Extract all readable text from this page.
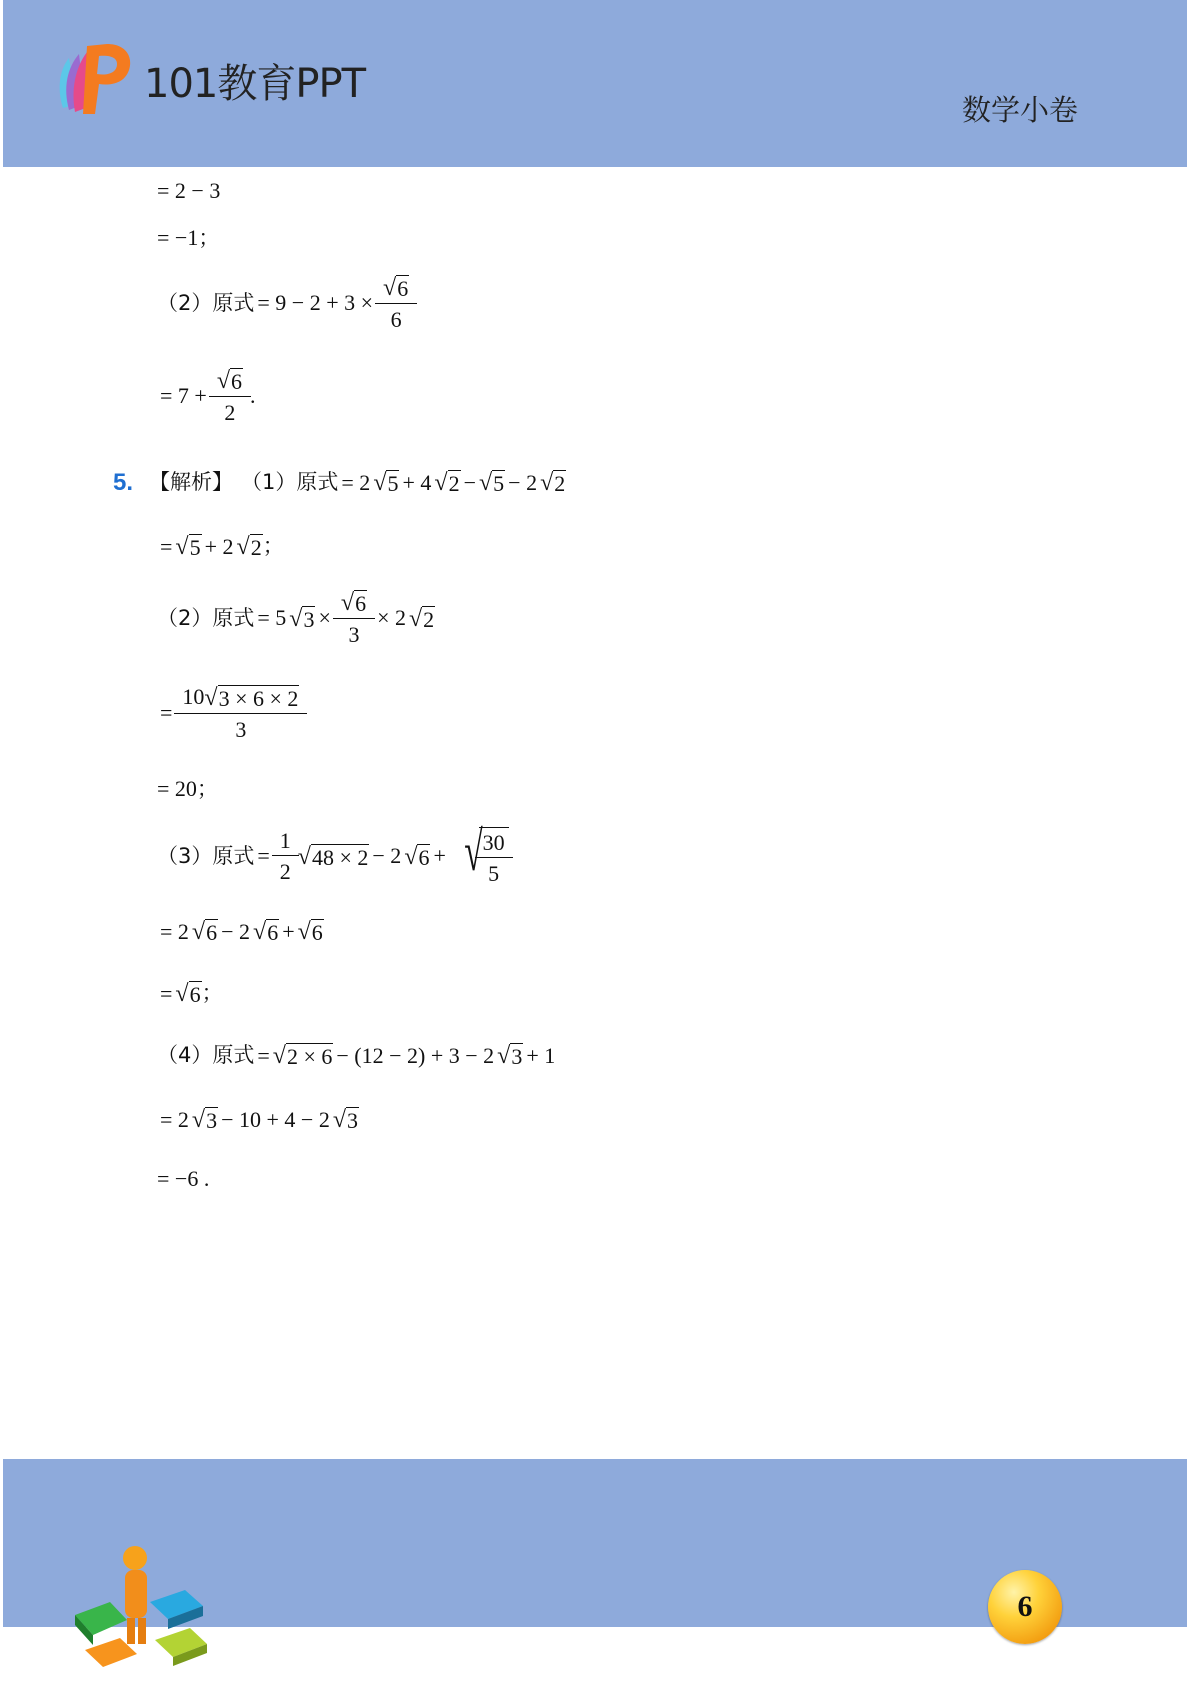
101教育PPT
数学小卷
= 2 − 3
= −1 ；
（2）原式 = $9 - 2 + 3 \times \frac{√ 6}{6}$
= $7 + \frac{√ 6}{2}$ .
5. 【解析】 （1）原式 = 2 √ 5 + 4 √ 2 − √ 5 − 2 √ 2
= √ 5 + 2 √ 2 ；
（2）原式 = 5 √ $3 \times \frac{√ 6}{3} \times 2$ √ 2
= $\frac{10 √ 3 \times 6 \times 2}{3}$
= 20 ；
（3）原式 = $\frac{1}{2}$ √ 48 × 2 − 2 √ 6 + √
$\frac{30}{5}$
= 2 √ 6 − 2 √ 6 + √ 6
= √ 6 ；
（4）原式 = √ 2 × 6 − (12 − 2) + 3 − 2 √ 3 + 1
= 2 √ 3 − 10 + 4 − 2 √ 3
= −6 .
6
